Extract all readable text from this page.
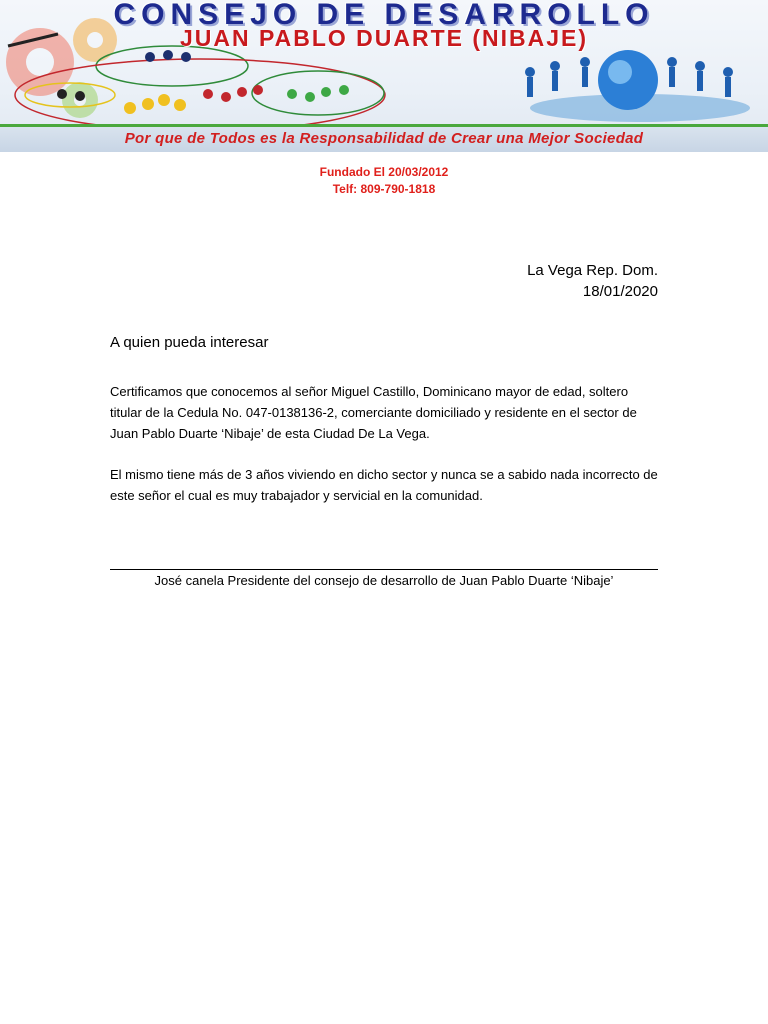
CONSEJO DE DESARROLLO
JUAN PABLO DUARTE (NIBAJE)
Por que de Todos es la Responsabilidad de Crear una Mejor Sociedad
Fundado El 20/03/2012
Telf: 809-790-1818
La Vega Rep. Dom.
18/01/2020
A quien pueda interesar
Certificamos que conocemos al señor Miguel Castillo, Dominicano mayor de edad, soltero titular de la Cedula No. 047-0138136-2, comerciante domiciliado y residente en el sector de Juan Pablo Duarte ‘Nibaje’ de esta Ciudad De La Vega.
El mismo tiene más de 3 años viviendo en dicho sector y nunca se a sabido nada incorrecto de este señor el cual es muy trabajador y servicial en la comunidad.
José canela Presidente del consejo de desarrollo de Juan Pablo Duarte ‘Nibaje’
